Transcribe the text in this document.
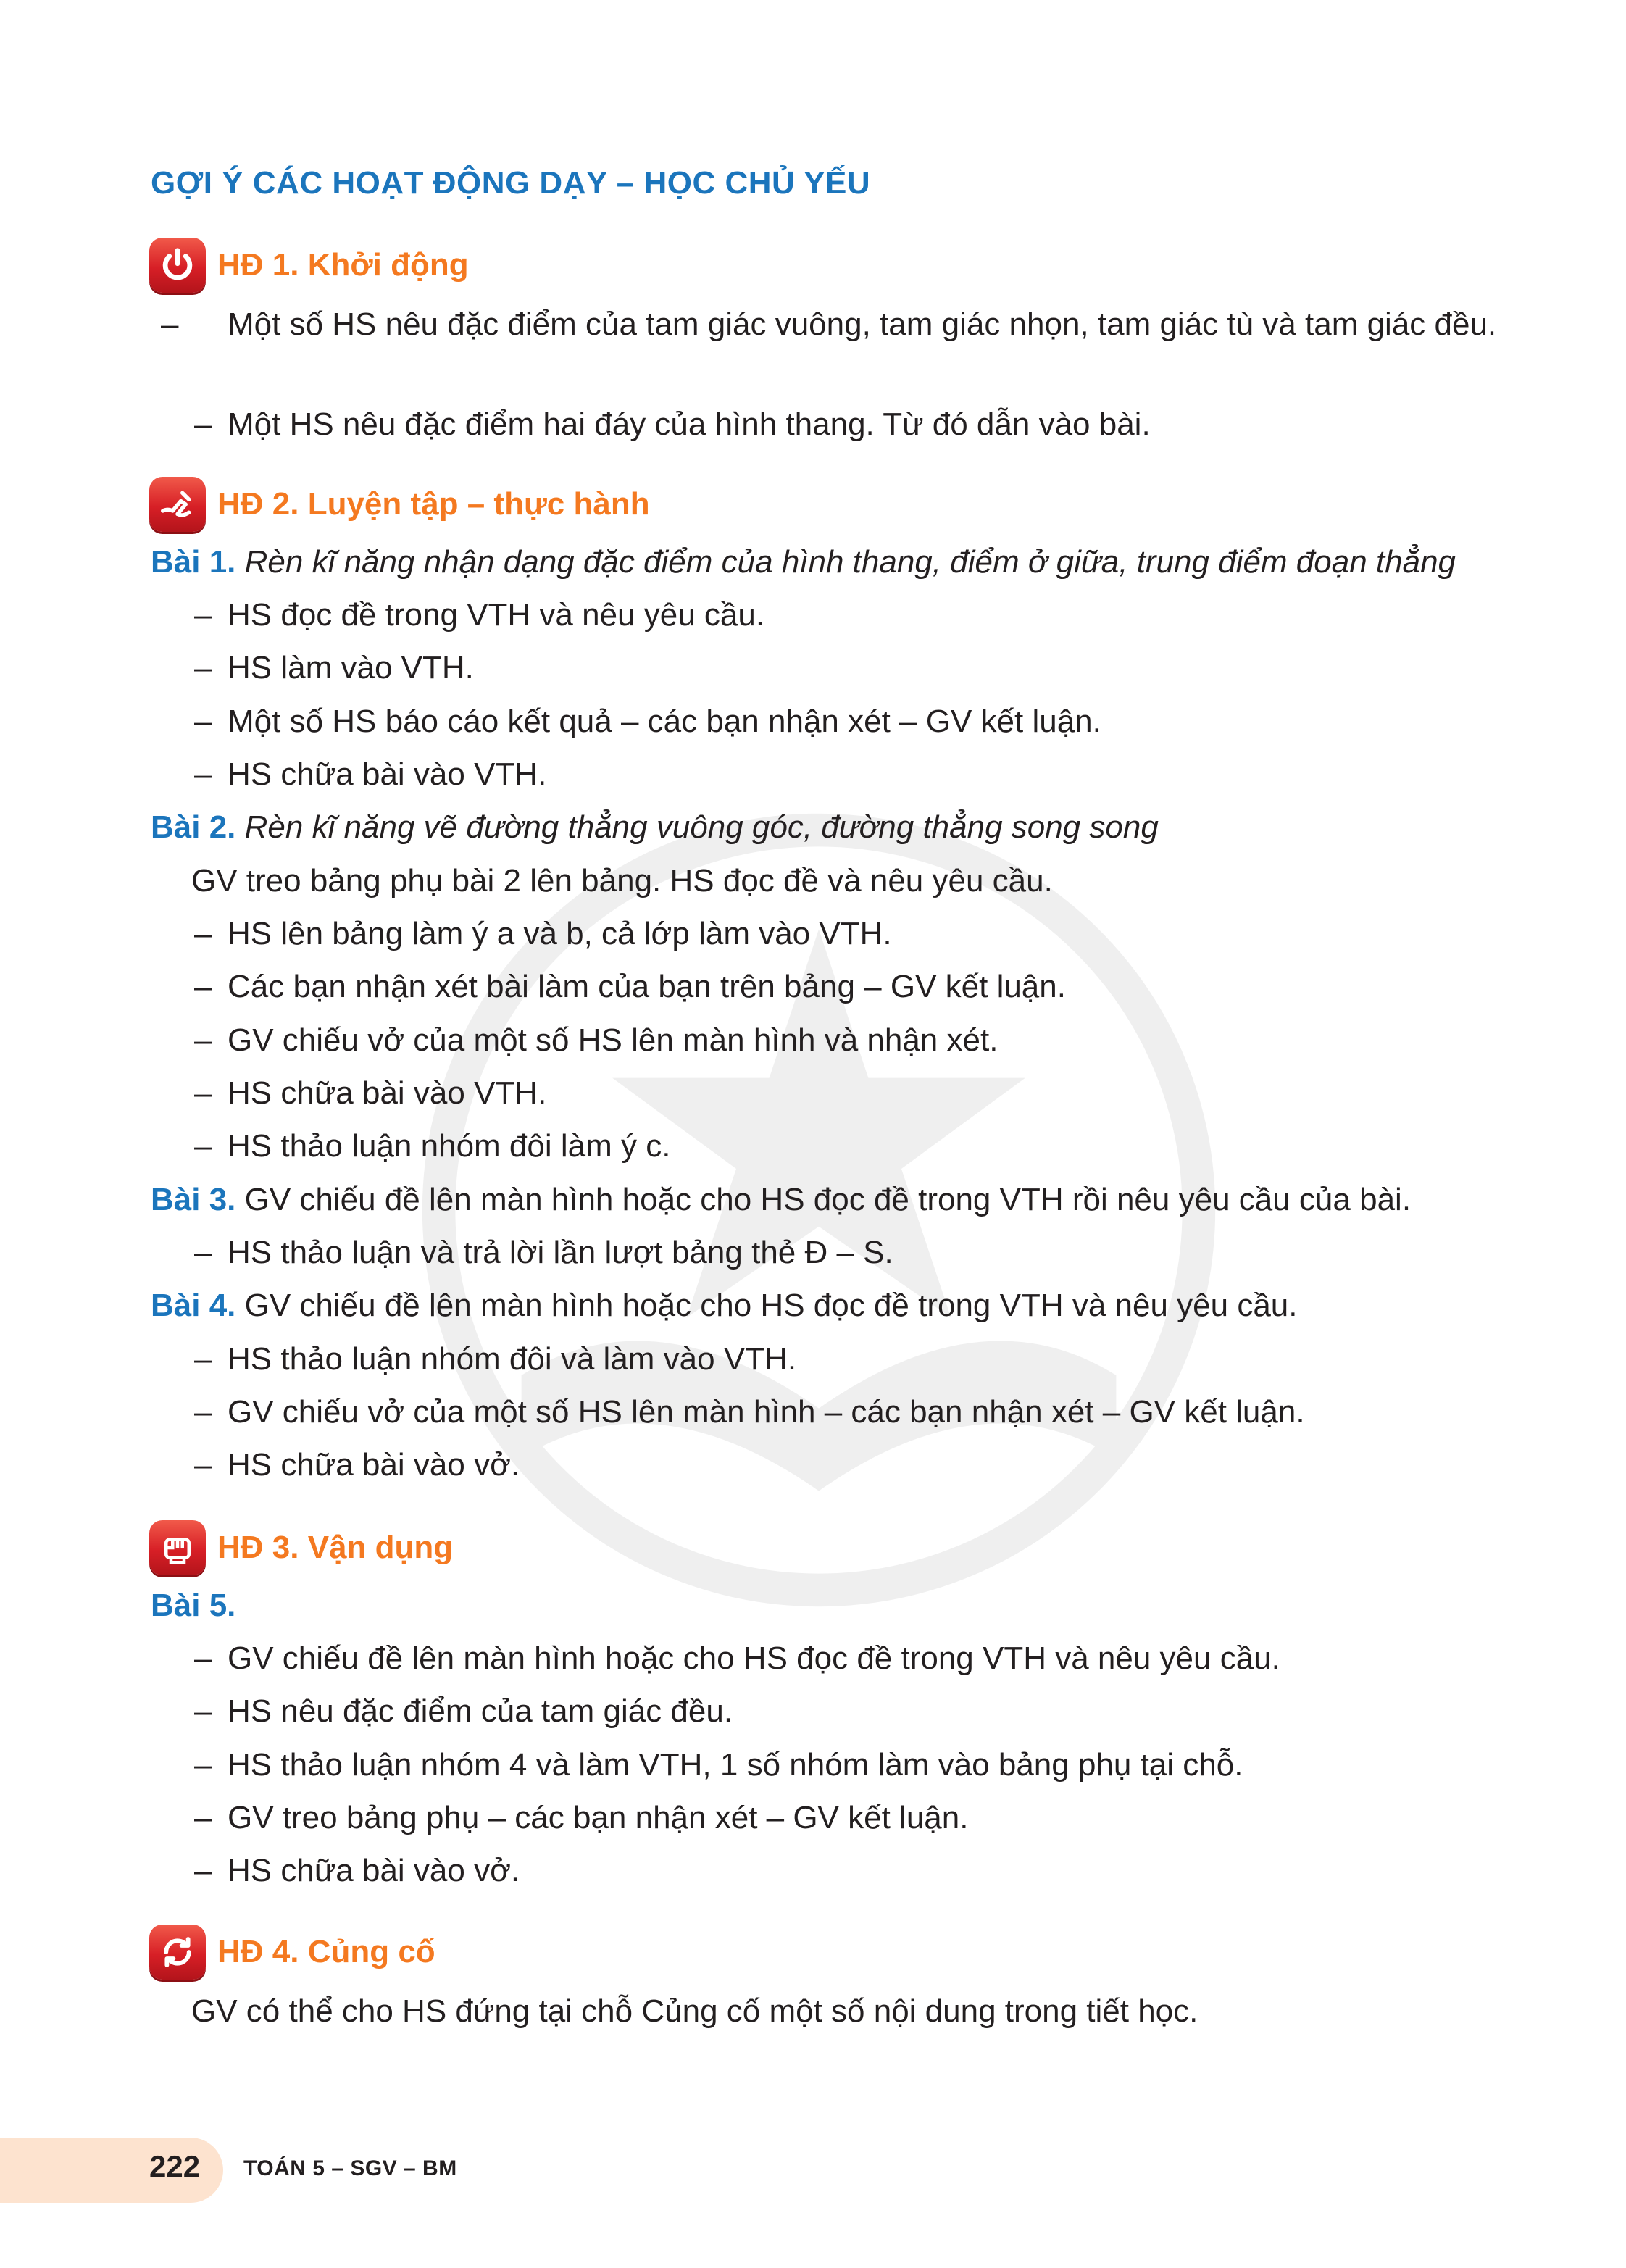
GỢI Ý CÁC HOẠT ĐỘNG DẠY – HỌC CHỦ YẾU
HĐ 1. Khởi động
– Một số HS nêu đặc điểm của tam giác vuông, tam giác nhọn, tam giác tù và tam giác đều.
– Một HS nêu đặc điểm hai đáy của hình thang. Từ đó dẫn vào bài.
HĐ 2. Luyện tập – thực hành
Bài 1. Rèn kĩ năng nhận dạng đặc điểm của hình thang, điểm ở giữa, trung điểm đoạn thẳng
– HS đọc đề trong VTH và nêu yêu cầu.
– HS làm vào VTH.
– Một số HS báo cáo kết quả – các bạn nhận xét – GV kết luận.
– HS chữa bài vào VTH.
Bài 2. Rèn kĩ năng vẽ đường thẳng vuông góc, đường thẳng song song
GV treo bảng phụ bài 2 lên bảng. HS đọc đề và nêu yêu cầu.
– HS lên bảng làm ý a và b, cả lớp làm vào VTH.
– Các bạn nhận xét bài làm của bạn trên bảng – GV kết luận.
– GV chiếu vở của một số HS lên màn hình và nhận xét.
– HS chữa bài vào VTH.
– HS thảo luận nhóm đôi làm ý c.
Bài 3. GV chiếu đề lên màn hình hoặc cho HS đọc đề trong VTH rồi nêu yêu cầu của bài.
– HS thảo luận và trả lời lần lượt bảng thẻ Đ – S.
Bài 4. GV chiếu đề lên màn hình hoặc cho HS đọc đề trong VTH và nêu yêu cầu.
– HS thảo luận nhóm đôi và làm vào VTH.
– GV chiếu vở của một số HS lên màn hình – các bạn nhận xét – GV kết luận.
– HS chữa bài vào vở.
HĐ 3. Vận dụng
Bài 5.
– GV chiếu đề lên màn hình hoặc cho HS đọc đề trong VTH và nêu yêu cầu.
– HS nêu đặc điểm của tam giác đều.
– HS thảo luận nhóm 4 và làm VTH, 1 số nhóm làm vào bảng phụ tại chỗ.
– GV treo bảng phụ – các bạn nhận xét – GV kết luận.
– HS chữa bài vào vở.
HĐ 4. Củng cố
GV có thể cho HS đứng tại chỗ Củng cố một số nội dung trong tiết học.
222 TOÁN 5 – SGV – BM
